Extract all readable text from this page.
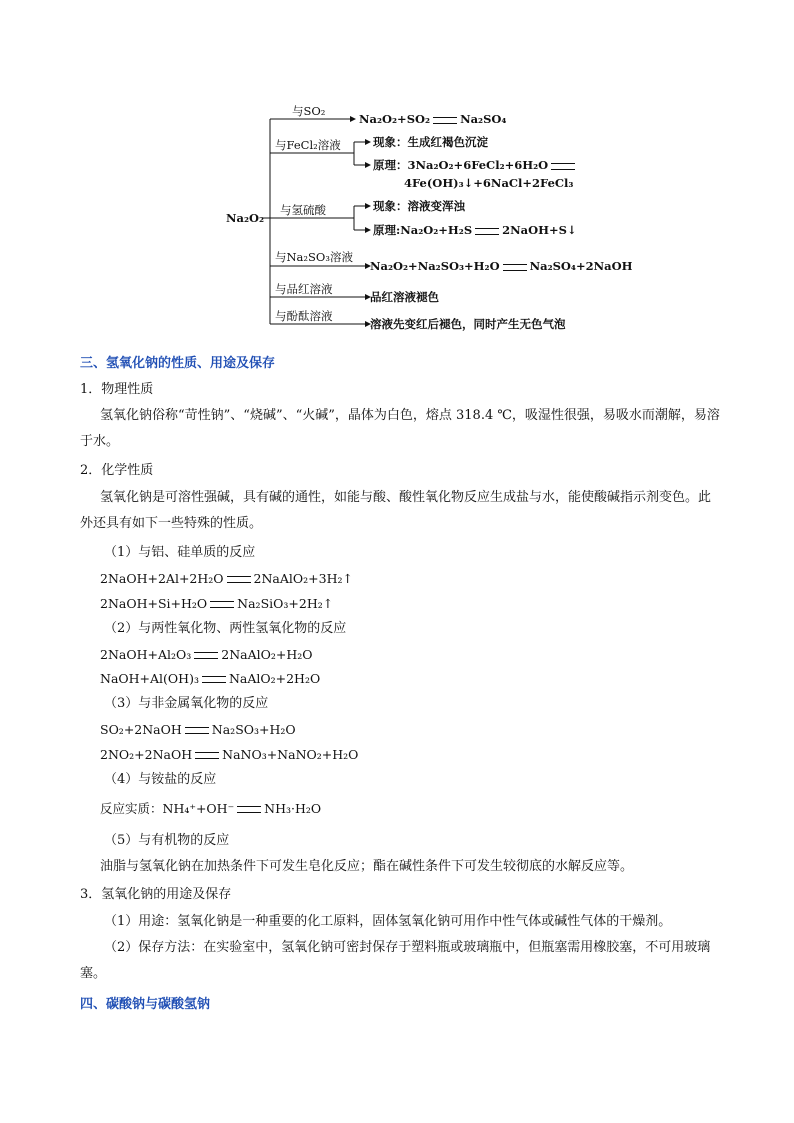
Na₂O₂
与SO₂
Na₂O₂+SO₂	Na₂SO₄
与FeCl₂溶液	现象：生成红褐色沉淀
原理：3Na₂O₂+6FeCl₂+6H₂O
4Fe(OH)₃↓+6NaCl+2FeCl₃
与氢硫酸	现象：溶液变浑浊
原理:Na₂O₂+H₂S	2NaOH+S↓
与Na₂SO₃溶液
Na₂O₂+Na₂SO₃+H₂O	Na₂SO₄+2NaOH
与品红溶液
品红溶液褪色
与酚酞溶液
溶液先变红后褪色，同时产生无色气泡
三、氢氧化钠的性质、用途及保存
1．物理性质
氢氧化钠俗称“苛性钠”、“烧碱”、“火碱”，晶体为白色，熔点 318.4 ℃，吸湿性很强，易吸水而潮解，易溶于水。
2．化学性质
氢氧化钠是可溶性强碱，具有碱的通性，如能与酸、酸性氧化物反应生成盐与水，能使酸碱指示剂变色。此外还具有如下一些特殊的性质。
（1）与铝、硅单质的反应
2NaOH+2Al+2H₂O 2NaAlO₂+3H₂↑
2NaOH+Si+H₂O Na₂SiO₃+2H₂↑
（2）与两性氧化物、两性氢氧化物的反应
2NaOH+Al₂O₃ 2NaAlO₂+H₂O
NaOH+Al(OH)₃ NaAlO₂+2H₂O
（3）与非金属氧化物的反应
SO₂+2NaOH Na₂SO₃+H₂O
2NO₂+2NaOH NaNO₃+NaNO₂+H₂O
（4）与铵盐的反应
反应实质：NH₄⁺+OH⁻ NH₃·H₂O
（5）与有机物的反应
油脂与氢氧化钠在加热条件下可发生皂化反应；酯在碱性条件下可发生较彻底的水解反应等。
3．氢氧化钠的用途及保存
（1）用途：氢氧化钠是一种重要的化工原料，固体氢氧化钠可用作中性气体或碱性气体的干燥剂。
（2）保存方法：在实验室中，氢氧化钠可密封保存于塑料瓶或玻璃瓶中，但瓶塞需用橡胶塞，不可用玻璃塞。
四、碳酸钠与碳酸氢钠
